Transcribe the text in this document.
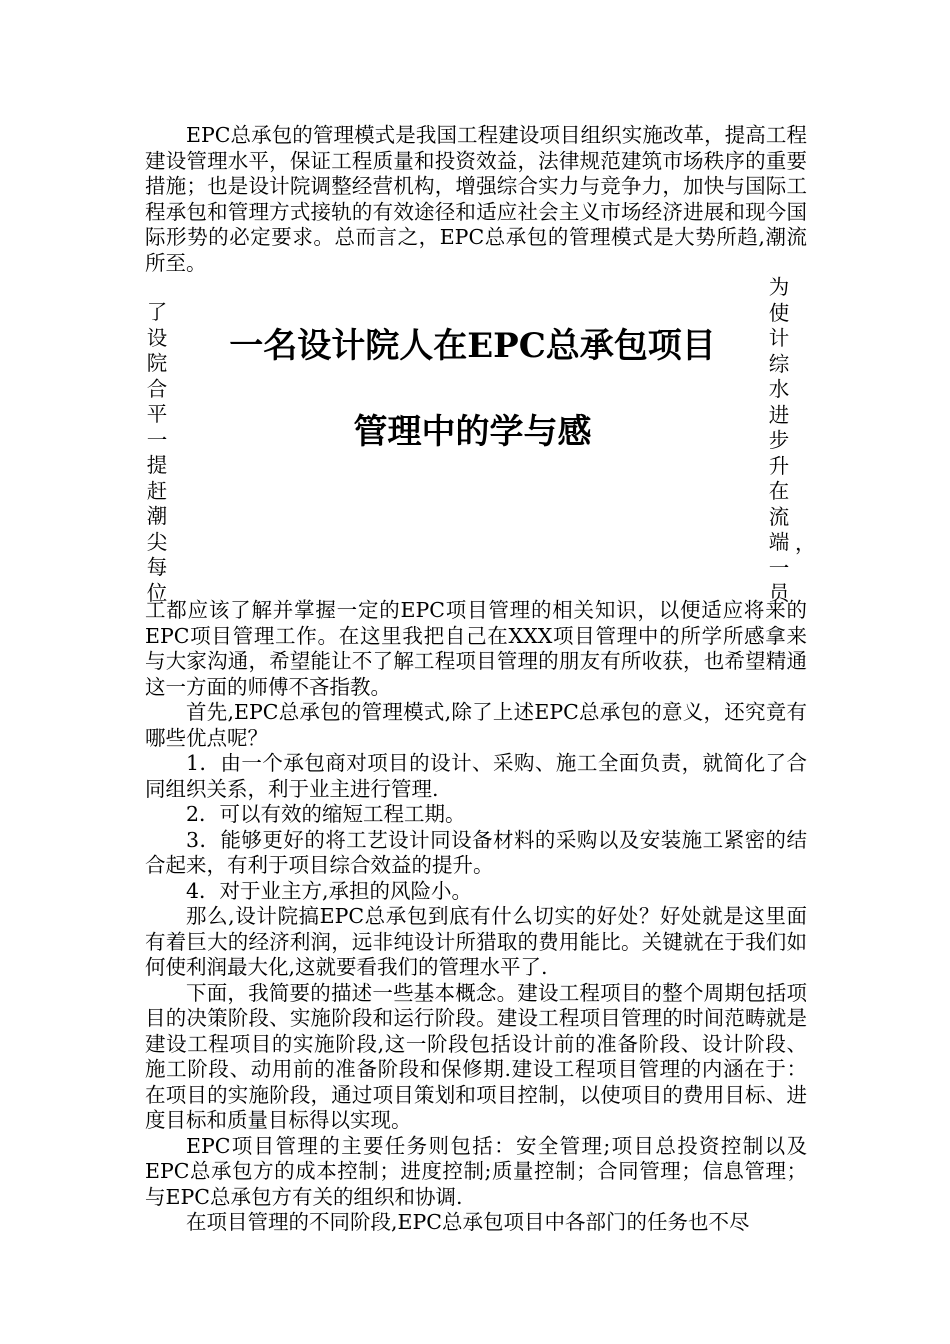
EPC总承包的管理模式是我国工程建设项目组织实施改革，提高工程建设管理水平，保证工程质量和投资效益，法律规范建筑市场秩序的重要措施；也是设计院调整经营机构，增强综合实力与竞争力，加快与国际工程承包和管理方式接轨的有效途径和适应社会主义市场经济进展和现今国际形势的必定要求。总而言之，EPC总承包的管理模式是大势所趋,潮流所至。

了
设
院
合
平
一
提
赶
潮
尖
每
位
一名设计院人在EPC总承包项目
管理中的学与感
为
使
计
综
水
进
步
升
在
流
端
一
员
，

工都应该了解并掌握一定的EPC项目管理的相关知识，以便适应将来的EPC项目管理工作。在这里我把自己在XXX项目管理中的所学所感拿来与大家沟通，希望能让不了解工程项目管理的朋友有所收获，也希望精通这一方面的师傅不吝指教。

首先,EPC总承包的管理模式,除了上述EPC总承包的意义，还究竟有哪些优点呢？

1．由一个承包商对项目的设计、采购、施工全面负责，就简化了合同组织关系，利于业主进行管理.

2．可以有效的缩短工程工期。

3．能够更好的将工艺设计同设备材料的采购以及安装施工紧密的结合起来，有利于项目综合效益的提升。

4．对于业主方,承担的风险小。

那么,设计院搞EPC总承包到底有什么切实的好处？好处就是这里面有着巨大的经济利润，远非纯设计所猎取的费用能比。关键就在于我们如何使利润最大化,这就要看我们的管理水平了.

下面，我简要的描述一些基本概念。建设工程项目的整个周期包括项目的决策阶段、实施阶段和运行阶段。建设工程项目管理的时间范畴就是建设工程项目的实施阶段,这一阶段包括设计前的准备阶段、设计阶段、施工阶段、动用前的准备阶段和保修期.建设工程项目管理的内涵在于：在项目的实施阶段，通过项目策划和项目控制，以使项目的费用目标、进度目标和质量目标得以实现。

EPC项目管理的主要任务则包括：安全管理;项目总投资控制以及EPC总承包方的成本控制；进度控制;质量控制；合同管理；信息管理；与EPC总承包方有关的组织和协调.

在项目管理的不同阶段,EPC总承包项目中各部门的任务也不尽
